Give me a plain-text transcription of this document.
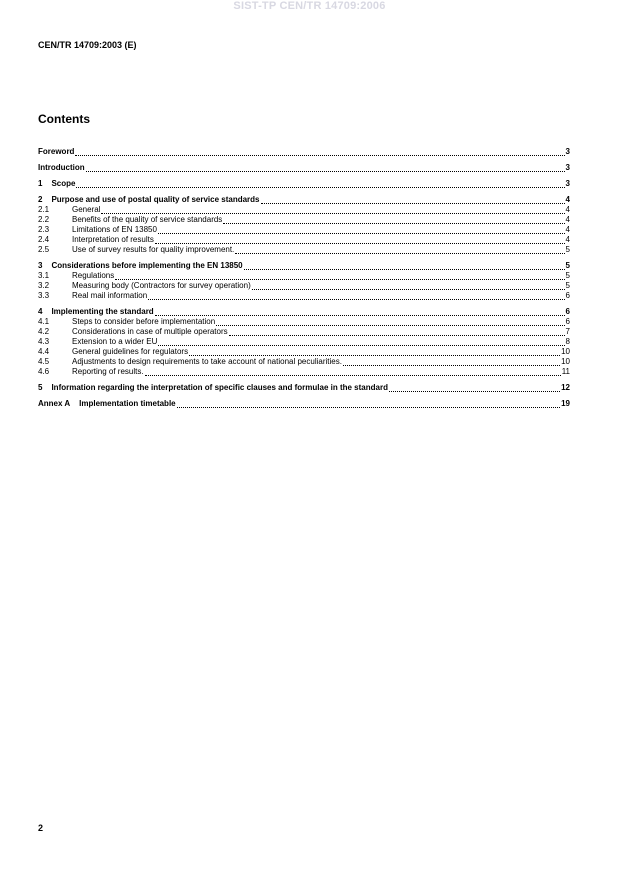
SIST-TP CEN/TR 14709:2006
CEN/TR 14709:2003 (E)
Contents
Foreword	3
Introduction	3
1 Scope	3
2 Purpose and use of postal quality of service standards	4
2.1	General	4
2.2	Benefits of the quality of service standards	4
2.3	Limitations of EN 13850	4
2.4	Interpretation of results	4
2.5	Use of survey results for quality improvement.	5
3 Considerations before implementing the EN 13850	5
3.1	Regulations	5
3.2	Measuring body (Contractors for survey operation)	5
3.3	Real mail information	6
4 Implementing the standard	6
4.1	Steps to consider before implementation	6
4.2	Considerations in case of multiple operators	7
4.3	Extension to a wider EU	8
4.4	General guidelines for regulators	10
4.5	Adjustments to design requirements to take account of national peculiarities.	10
4.6	Reporting of results.	11
5 Information regarding the interpretation of specific clauses and formulae in the standard	12
Annex A Implementation timetable	19
2
